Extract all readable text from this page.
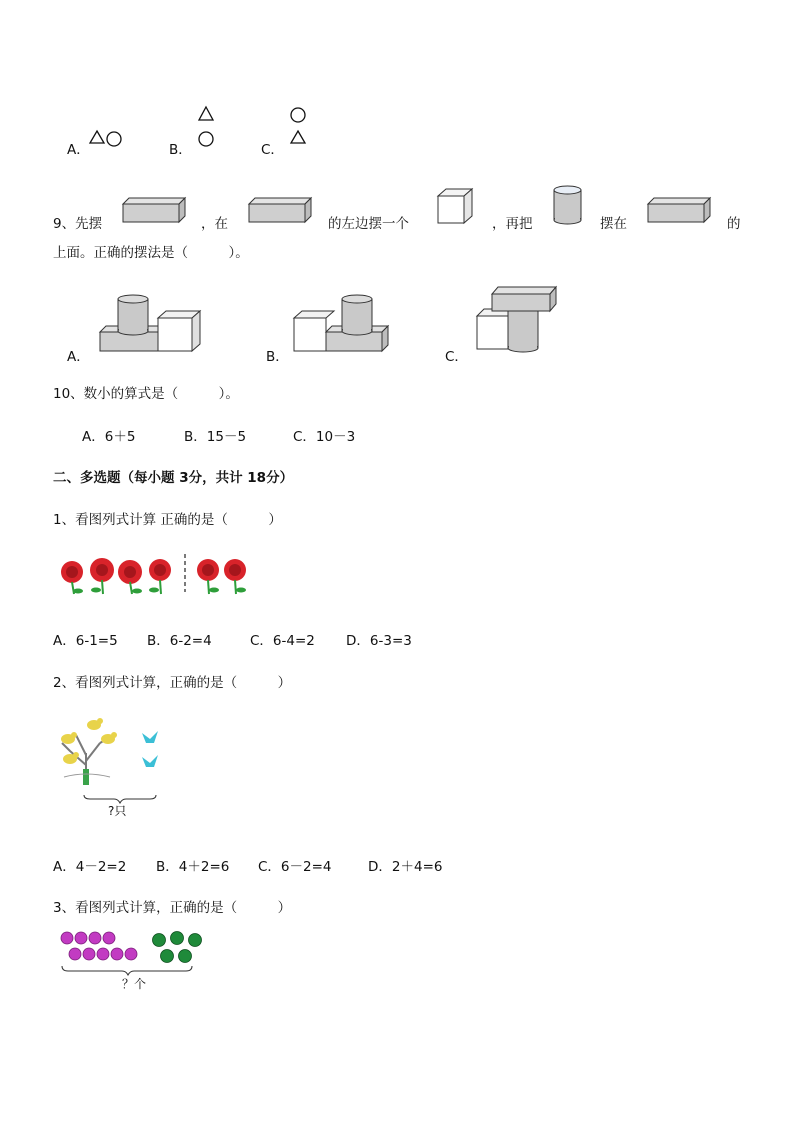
A．	B．	C．
9、先摆	，在	的左边摆一个	，再把	摆在	的
上面。正确的摆法是（　　　）。
A．	B．	C．
10、数小的算式是（　　　）。
A．6＋5	B．15－5	C．10－3
二、多选题（每小题 3分，共计 18分）
1、看图列式计算 正确的是（　　　）
A．6-1=5 B．6-2=4	C．6-4=2 D．6-3=3
2、看图列式计算，正确的是（　　　）
?只
A．4－2=2 B．4＋2=6 C．6－2=4	D．2＋4=6
3、看图列式计算，正确的是（　　　）
？个
